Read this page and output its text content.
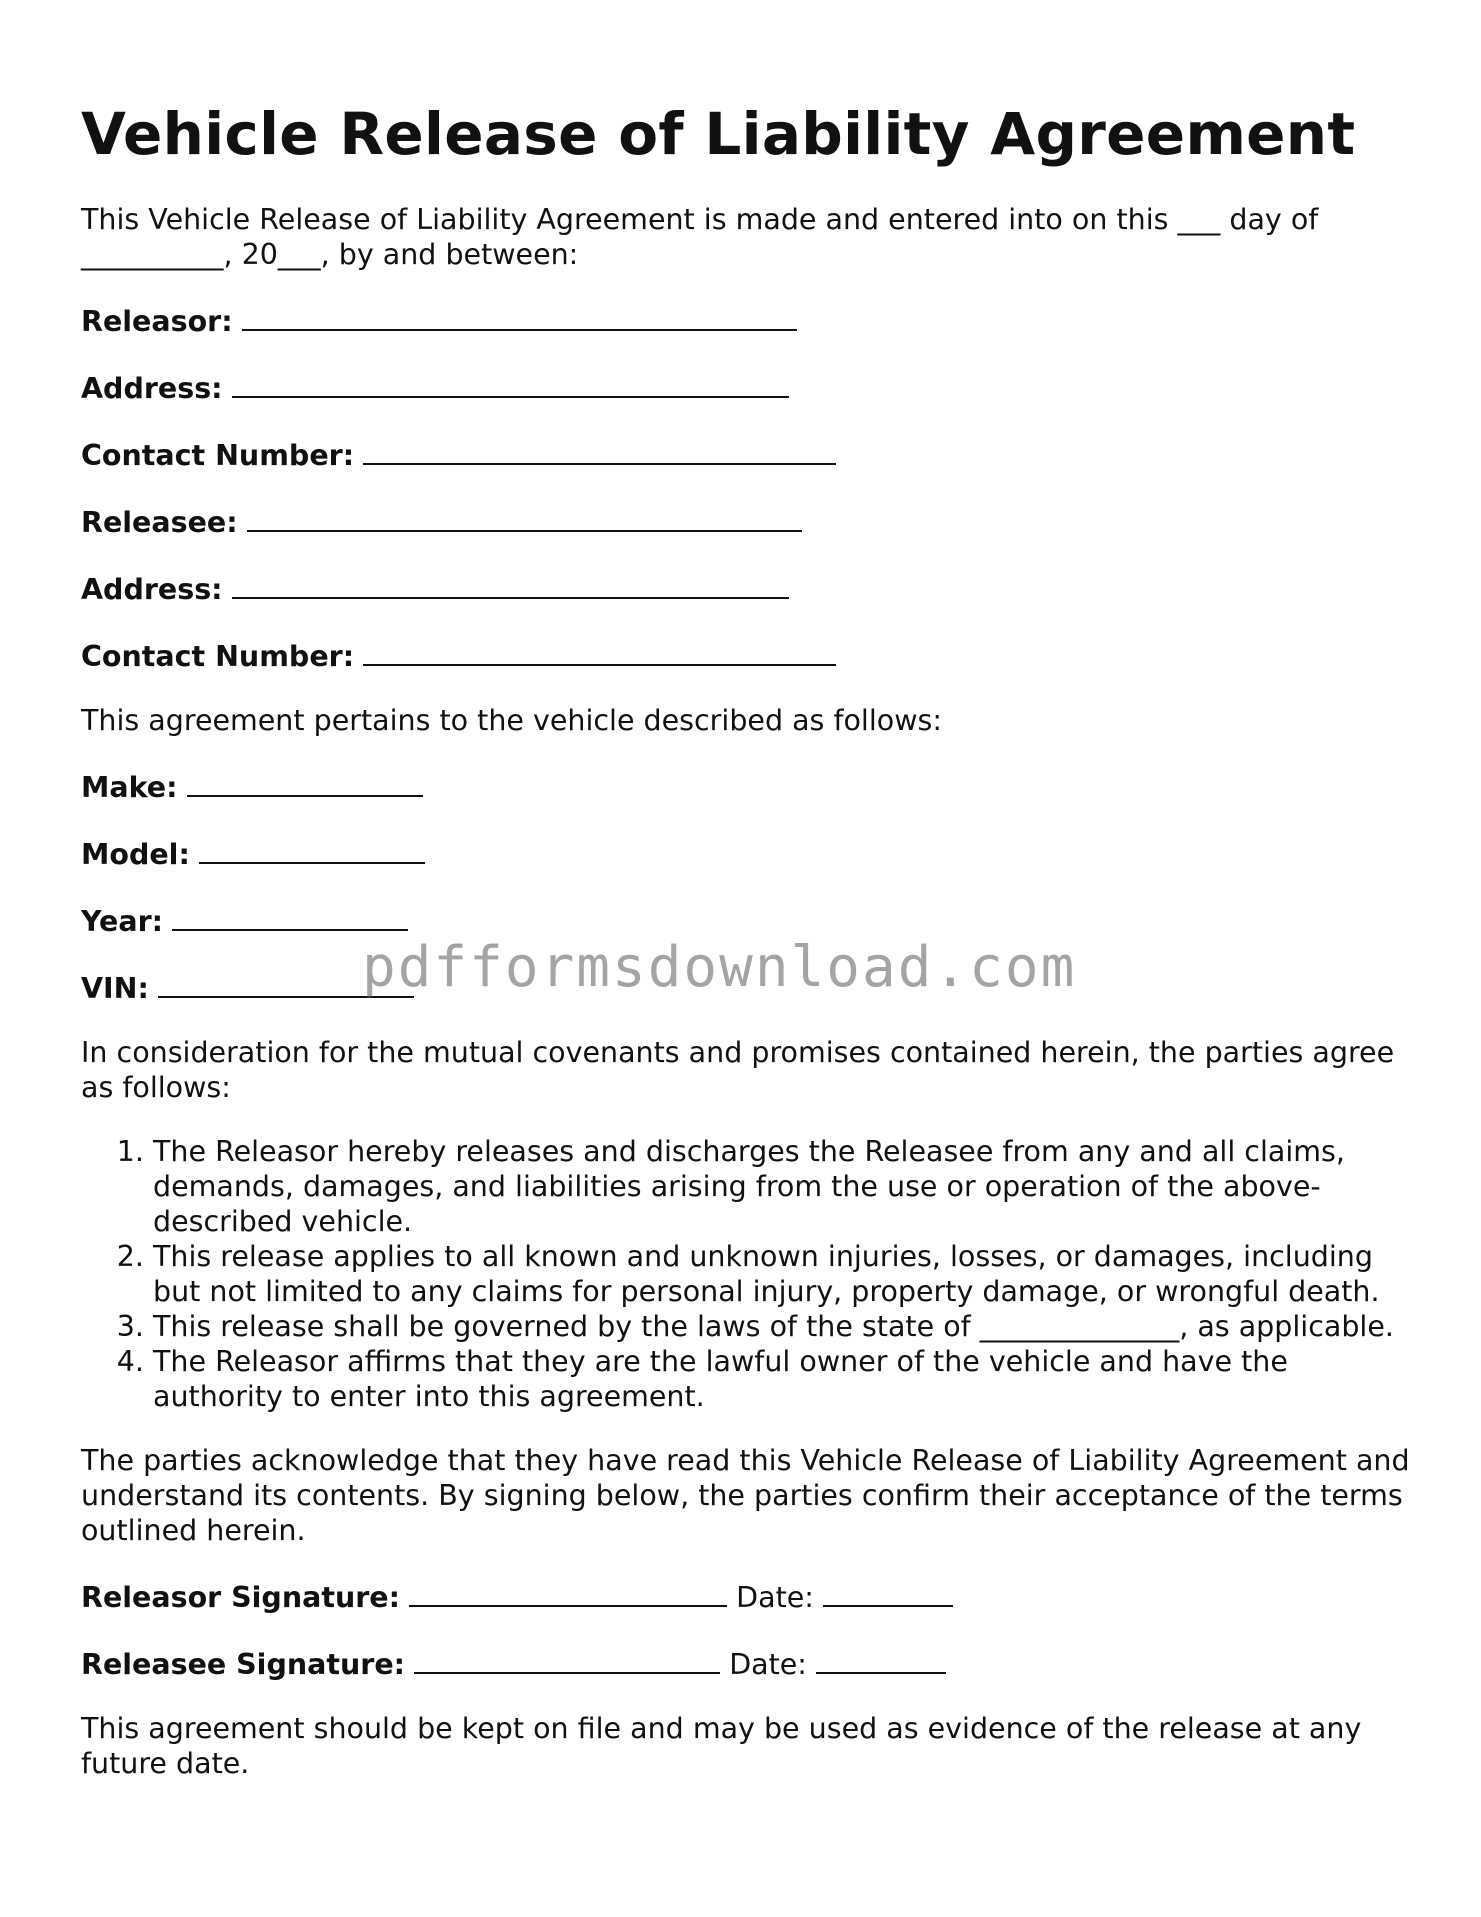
Vehicle Release of Liability Agreement

This Vehicle Release of Liability Agreement is made and entered into on this ___ day of __________, 20___, by and between:

Releasor:
Address:
Contact Number:
Releasee:
Address:
Contact Number:

This agreement pertains to the vehicle described as follows:

Make:
Model:
Year:
VIN:

In consideration for the mutual covenants and promises contained herein, the parties agree as follows:

1. The Releasor hereby releases and discharges the Releasee from any and all claims, demands, damages, and liabilities arising from the use or operation of the above-described vehicle.
2. This release applies to all known and unknown injuries, losses, or damages, including but not limited to any claims for personal injury, property damage, or wrongful death.
3. This release shall be governed by the laws of the state of ______________, as applicable.
4. The Releasor affirms that they are the lawful owner of the vehicle and have the authority to enter into this agreement.

The parties acknowledge that they have read this Vehicle Release of Liability Agreement and understand its contents. By signing below, the parties confirm their acceptance of the terms outlined herein.

Releasor Signature:	Date:
Releasee Signature:	Date:

This agreement should be kept on file and may be used as evidence of the release at any future date.

pdfformsdownload.com
